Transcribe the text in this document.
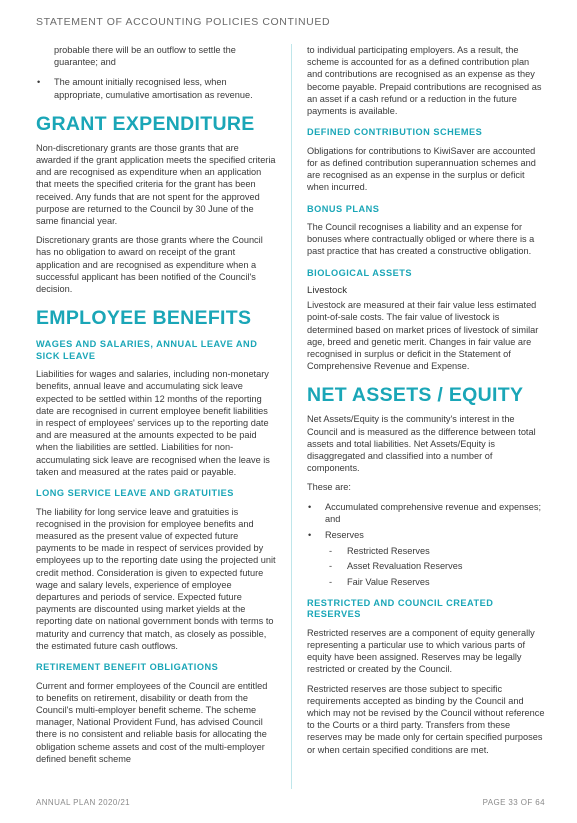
STATEMENT OF ACCOUNTING POLICIES CONTINUED
probable there will be an outflow to settle the guarantee; and
• The amount initially recognised less, when appropriate, cumulative amortisation as revenue.
GRANT EXPENDITURE

Non-discretionary grants are those grants that are awarded if the grant application meets the specified criteria and are recognised as expenditure when an application that meets the specified criteria for the grant has been received. Any funds that are not spent for the approved purpose are returned to the Council by 30 June of the same financial year.

Discretionary grants are those grants where the Council has no obligation to award on receipt of the grant application and are recognised as expenditure when a successful applicant has been notified of the Council's decision.

EMPLOYEE BENEFITS
WAGES AND SALARIES, ANNUAL LEAVE AND SICK LEAVE

Liabilities for wages and salaries, including non-monetary benefits, annual leave and accumulating sick leave expected to be settled within 12 months of the reporting date are recognised in current employee benefit liabilities in respect of employees' services up to the reporting date and are measured at the amounts expected to be paid when the liabilities are settled. Liabilities for non-accumulating sick leave are recognised when the leave is taken and measured at the rates paid or payable.

LONG SERVICE LEAVE AND GRATUITIES

The liability for long service leave and gratuities is recognised in the provision for employee benefits and measured as the present value of expected future payments to be made in respect of services provided by employees up to the reporting date using the projected unit credit method. Consideration is given to expected future wage and salary levels, experience of employee departures and periods of service. Expected future payments are discounted using market yields at the reporting date on national government bonds with terms to maturity and currency that match, as closely as possible, the estimated future cash outflows.

RETIREMENT BENEFIT OBLIGATIONS

Current and former employees of the Council are entitled to benefits on retirement, disability or death from the Council's multi-employer benefit scheme. The scheme manager, National Provident Fund, has advised Council there is no consistent and reliable basis for allocating the obligation scheme assets and cost of the multi-employer defined benefit scheme

to individual participating employers. As a result, the scheme is accounted for as a defined contribution plan and contributions are recognised as an expense as they become payable. Prepaid contributions are recognised as an asset if a cash refund or a reduction in the future payments is available.

DEFINED CONTRIBUTION SCHEMES

Obligations for contributions to KiwiSaver are accounted for as defined contribution superannuation schemes and are recognised as an expense in the surplus or deficit when incurred.

BONUS PLANS

The Council recognises a liability and an expense for bonuses where contractually obliged or where there is a past practice that has created a constructive obligation.

BIOLOGICAL ASSETS
Livestock

Livestock are measured at their fair value less estimated point-of-sale costs. The fair value of livestock is determined based on market prices of livestock of similar age, breed and genetic merit. Changes in fair value are recognised in surplus or deficit in the Statement of Comprehensive Revenue and Expense.

NET ASSETS / EQUITY

Net Assets/Equity is the community's interest in the Council and is measured as the difference between total assets and total liabilities. Net Assets/Equity is disaggregated and classified into a number of components.

These are:

• Accumulated comprehensive revenue and expenses; and
• Reserves
- Restricted Reserves
- Asset Revaluation Reserves
- Fair Value Reserves
RESTRICTED AND COUNCIL CREATED RESERVES

Restricted reserves are a component of equity generally representing a particular use to which various parts of equity have been assigned. Reserves may be legally restricted or created by the Council.

Restricted reserves are those subject to specific requirements accepted as binding by the Council and which may not be revised by the Council without reference to the Courts or a third party. Transfers from these reserves may be made only for certain specified purposes or when certain specified conditions are met.

ANNUAL PLAN 2020/21	PAGE 33 OF 64
